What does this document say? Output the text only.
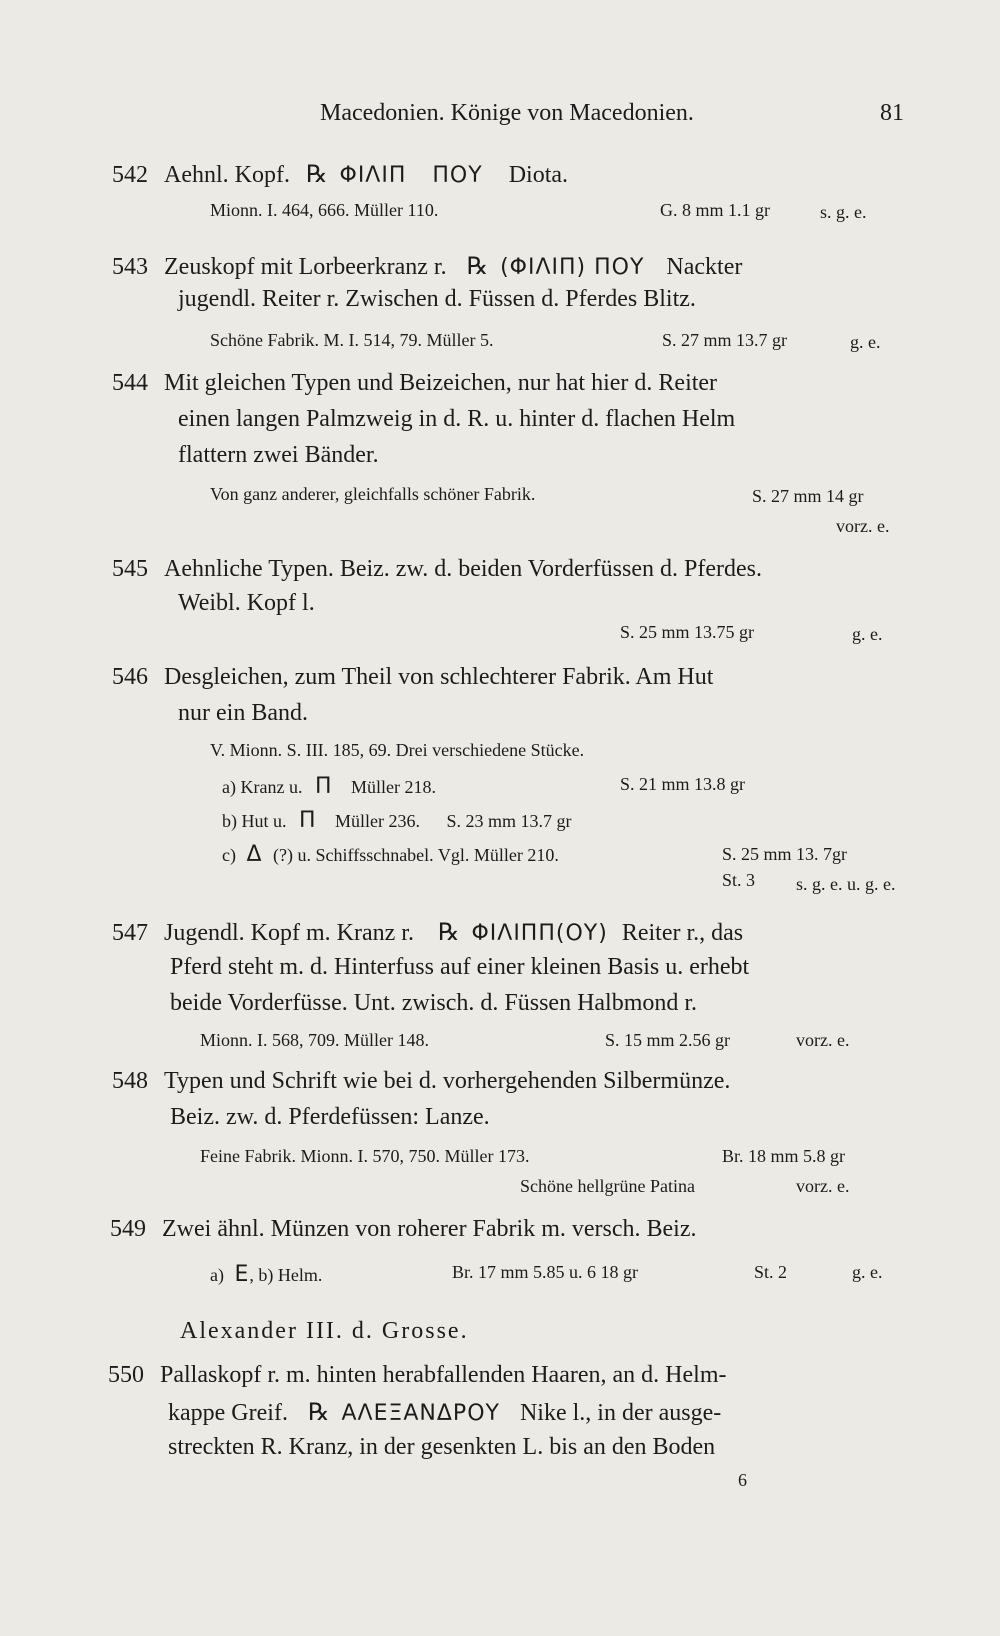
Macedonien. Könige von Macedonien.	81
542 Aehnl. Kopf. ℞ ΦΙΛΙΠ ΠΟΥ Diota.
Mionn. I. 464, 666. Müller 110.	G. 8 mm 1.1 gr	s. g. e.
543 Zeuskopf mit Lorbeerkranz r. ℞ (ΦΙΛΙΠ) ΠΟΥ Nackter
jugendl. Reiter r. Zwischen d. Füssen d. Pferdes Blitz.
Schöne Fabrik. M. I. 514, 79. Müller 5.	S. 27 mm 13.7 gr	g. e.
544 Mit gleichen Typen und Beizeichen, nur hat hier d. Reiter
einen langen Palmzweig in d. R. u. hinter d. flachen Helm
flattern zwei Bänder.
Von ganz anderer, gleichfalls schöner Fabrik.	S. 27 mm 14 gr
vorz. e.
545 Aehnliche Typen. Beiz. zw. d. beiden Vorderfüssen d. Pferdes.
Weibl. Kopf l.
S. 25 mm 13.75 gr	g. e.
546 Desgleichen, zum Theil von schlechterer Fabrik. Am Hut
nur ein Band.
V. Mionn. S. III. 185, 69. Drei verschiedene Stücke.
a) Kranz u. Π Müller 218.	S. 21 mm 13.8 gr
b) Hut u. Π Müller 236. S. 23 mm 13.7 gr
c) Δ (?) u. Schiffsschnabel. Vgl. Müller 210.	S. 25 mm 13. 7gr
St. 3 s. g. e. u. g. e.
547 Jugendl. Kopf m. Kranz r. ℞ ΦΙΛΙΠΠ(ΟΥ) Reiter r., das
Pferd steht m. d. Hinterfuss auf einer kleinen Basis u. erhebt
beide Vorderfüsse. Unt. zwisch. d. Füssen Halbmond r.
Mionn. I. 568, 709. Müller 148.	S. 15 mm 2.56 gr	vorz. e.
548 Typen und Schrift wie bei d. vorhergehenden Silbermünze.
Beiz. zw. d. Pferdefüssen: Lanze.
Feine Fabrik. Mionn. I. 570, 750. Müller 173.	Br. 18 mm 5.8 gr
Schöne hellgrüne Patina	vorz. e.
549 Zwei ähnl. Münzen von roherer Fabrik m. versch. Beiz.
a) E, b) Helm.	Br. 17 mm 5.85 u. 6 18 gr	St. 2	g. e.
Alexander III. d. Grosse.
550 Pallaskopf r. m. hinten herabfallenden Haaren, an d. Helm-
kappe Greif. ℞ ΑΛΕΞΑΝΔΡΟΥ Nike l., in der ausge-
streckten R. Kranz, in der gesenkten L. bis an den Boden
6
